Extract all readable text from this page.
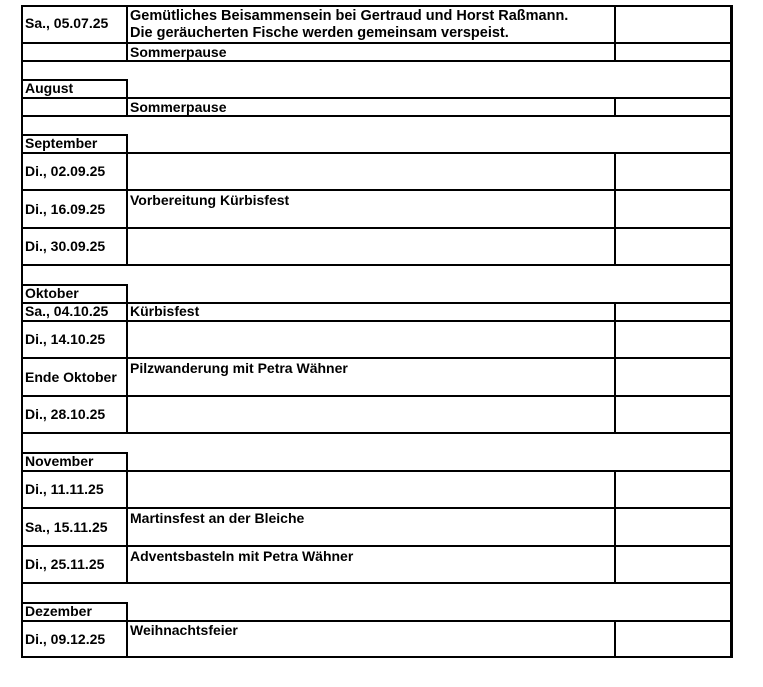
Sa., 05.07.25 Gemütliches Beisammensein bei Gertraud und Horst Raßmann.
Die geräucherten Fische werden gemeinsam verspeist.
Sommerpause
August
Sommerpause
September
Di., 02.09.25
Di., 16.09.25
Vorbereitung Kürbisfest
Di., 30.09.25
Oktober
Sa., 04.10.25 Kürbisfest
Di., 14.10.25
Ende Oktober
Pilzwanderung mit Petra Wähner
Di., 28.10.25
November
Di., 11.11.25
Sa., 15.11.25
Martinsfest an der Bleiche
Di., 25.11.25 Adventsbasteln mit Petra Wähner
Dezember
Di., 09.12.25
Weihnachtsfeier
